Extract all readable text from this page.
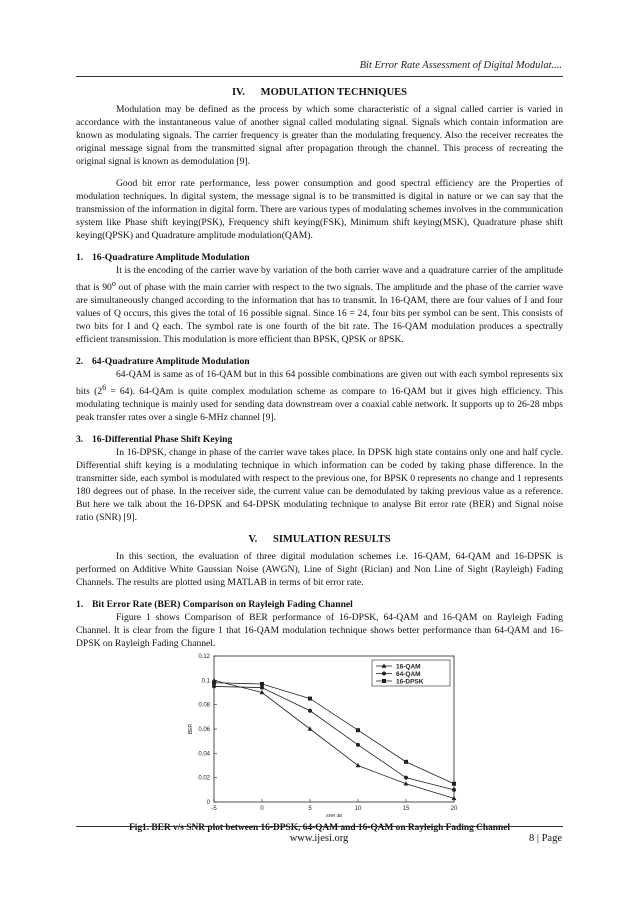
Bit Error Rate Assessment of Digital Modulat....
IV.      MODULATION TECHNIQUES

Modulation may be defined as the process by which some characteristic of a signal called carrier is varied in accordance with the instantaneous value of another signal called modulating signal. Signals which contain information are known as modulating signals. The carrier frequency is greater than the modulating frequency. Also the receiver recreates the original message signal from the transmitted signal after propagation through the channel. This process of recreating the original signal is known as demodulation [9].

Good bit error rate performance, less power consumption and good spectral efficiency are the Properties of modulation techniques. In digital system, the message signal is to be transmitted is digital in nature or we can say that the transmission of the information in digital form. There are various types of modulating schemes involves in the communication system like Phase shift keying(PSK), Frequency shift keying(FSK), Minimum shift keying(MSK), Quadrature phase shift keying(QPSK) and Quadrature amplitude modulation(QAM).

1. 16-Quadrature Amplitude Modulation

It is the encoding of the carrier wave by variation of the both carrier wave and a quadrature carrier of the amplitude that is 90$^o$ out of phase with the main carrier with respect to the two signals. The amplitude and the phase of the carrier wave are simultaneously changed according to the information that has to transmit. In 16-QAM, there are four values of I and four values of Q occurs, this gives the total of 16 possible signal. Since 16 = 24, four bits per symbol can be sent. This consists of two bits for I and Q each. The symbol rate is one fourth of the bit rate. The 16-QAM modulation produces a spectrally efficient transmission. This modulation is more efficient than BPSK, QPSK or 8PSK.

2. 64-Quadrature Amplitude Modulation

64-QAM is same as of 16-QAM but in this 64 possible combinations are given out with each symbol represents six bits $(2^6 = 64)$. 64-QAm is quite complex modulation scheme as compare to 16-QAM but it gives high efficiency. This modulating technique is mainly used for sending data downstream over a coaxial cable network. It supports up to 26-28 mbps peak transfer rates over a single 6-MHz channel [9].

3. 16-Differential Phase Shift Keying

In 16-DPSK, change in phase of the carrier wave takes place. In DPSK high state contains only one and half cycle. Differential shift keying is a modulating technique in which information can be coded by taking phase difference. In the transmitter side, each symbol is modulated with respect to the previous one, for BPSK 0 represents no change and 1 represents 180 degrees out of phase. In the receiver side, the current value can be demodulated by taking previous value as a reference. But here we talk about the 16-DPSK and 64-DPSK modulating technique to analyse Bit error rate (BER) and Signal noise ratio (SNR) [9].

V.      SIMULATION RESULTS

In this section, the evaluation of three digital modulation schemes i.e. 16-QAM, 64-QAM and 16-DPSK is performed on Additive White Gaussian Noise (AWGN), Line of Sight (Rician) and Non Line of Sight (Rayleigh) Fading Channels. The results are plotted using MATLAB in terms of bit error rate.

1. Bit Error Rate (BER) Comparison on Rayleigh Fading Channel

Figure 1 shows Comparison of BER performance of 16-DPSK, 64-QAM and 16-QAM on Rayleigh Fading Channel. It is clear from the figure 1 that 16-QAM modulation technique shows better performance than 64-QAM and 16-DPSK on Rayleigh Fading Channel.

-5	0	5	10	15	20
0
0.02
0.04
0.06
0.08
0.1
0.12
SNR dB
BER
16-QAM
64-QAM
16-DPSK
Fig1. BER v/s SNR plot between 16-DPSK, 64-QAM and 16-QAM on Rayleigh Fading Channel
www.ijesi.org	8 | Page
